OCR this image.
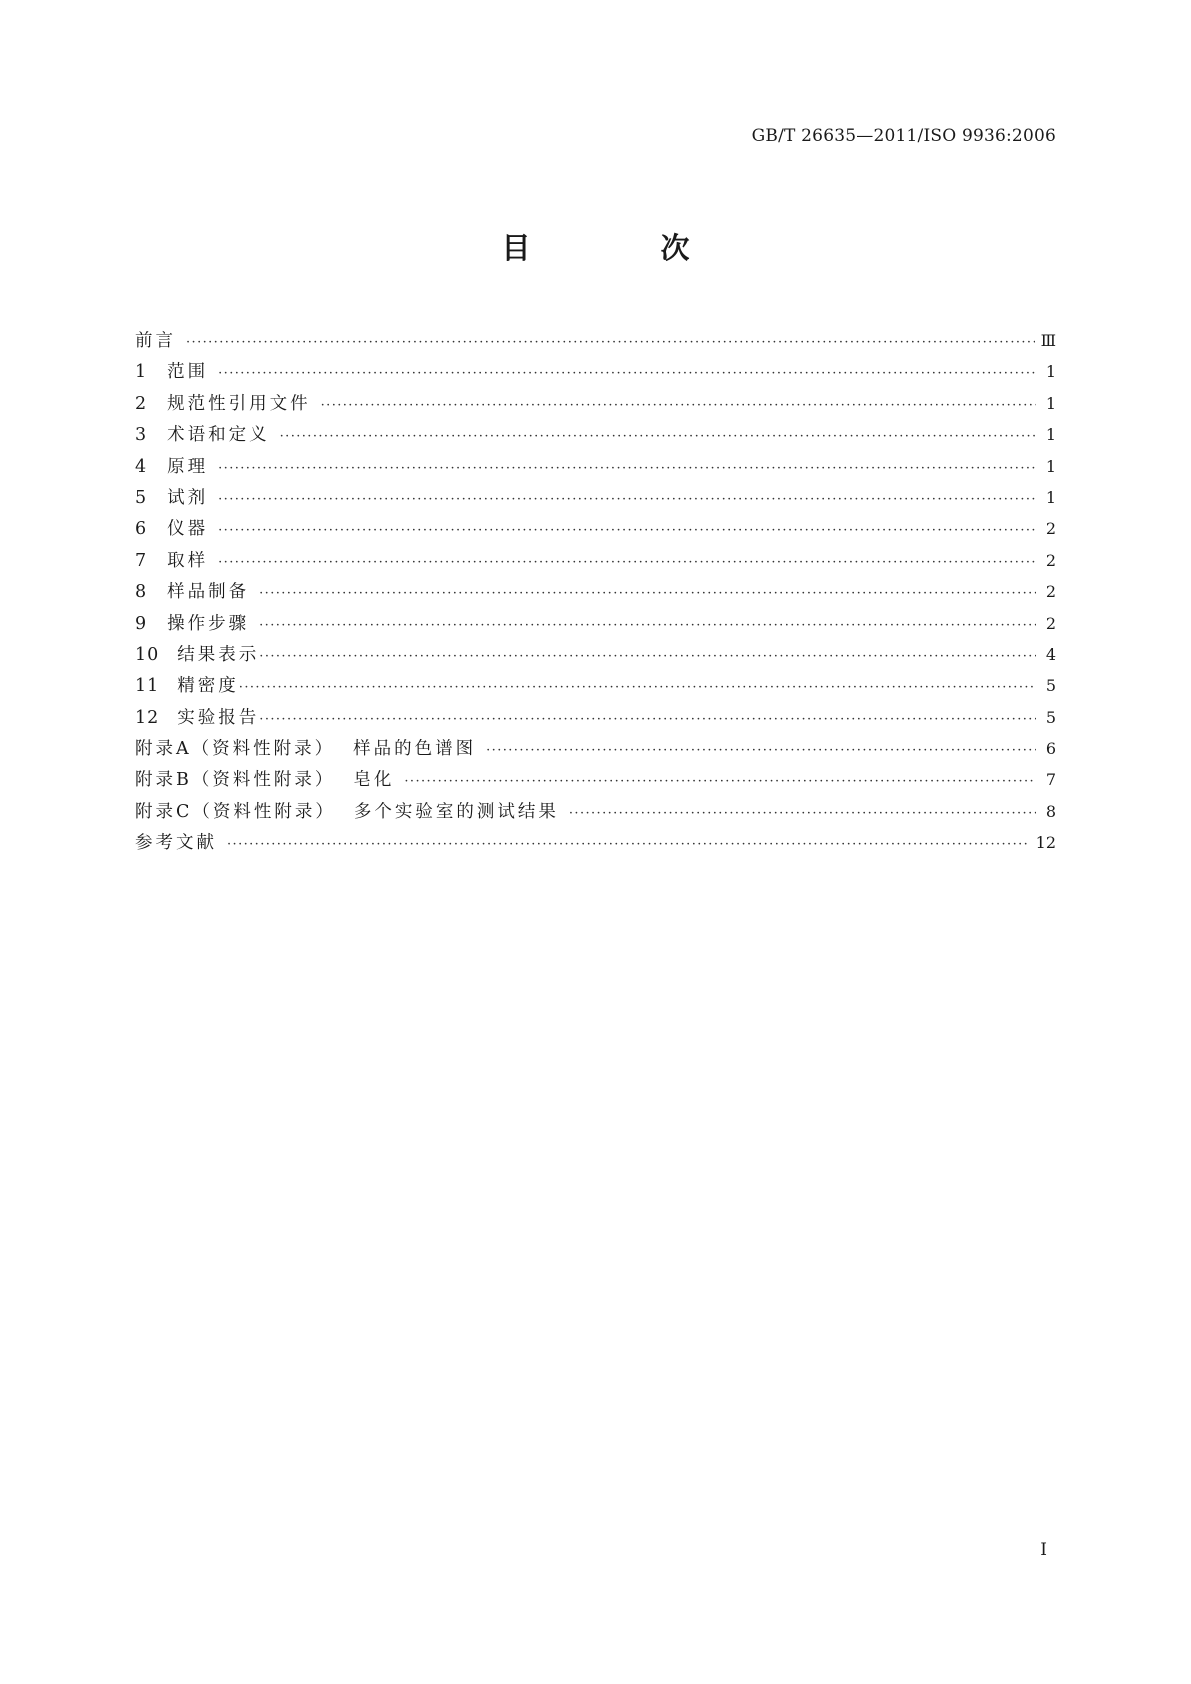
GB/T 26635—2011/ISO 9936:2006
目 次
前言 ·····	Ⅲ
1 范围 ·····	1
2 规范性引用文件 ·····	1
3 术语和定义 ·····	1
4 原理 ·····	1
5 试剂 ·····	1
6 仪器 ·····	2
7 取样 ·····	2
8 样品制备 ·····	2
9 操作步骤 ·····	2
10 结果表示 ·····	4
11 精密度 ·····	5
12 实验报告 ·····	5
附录A（资料性附录） 样品的色谱图 ·····	6
附录B（资料性附录） 皂化 ·····	7
附录C（资料性附录） 多个实验室的测试结果 ·····	8
参考文献 ·····	12
I
